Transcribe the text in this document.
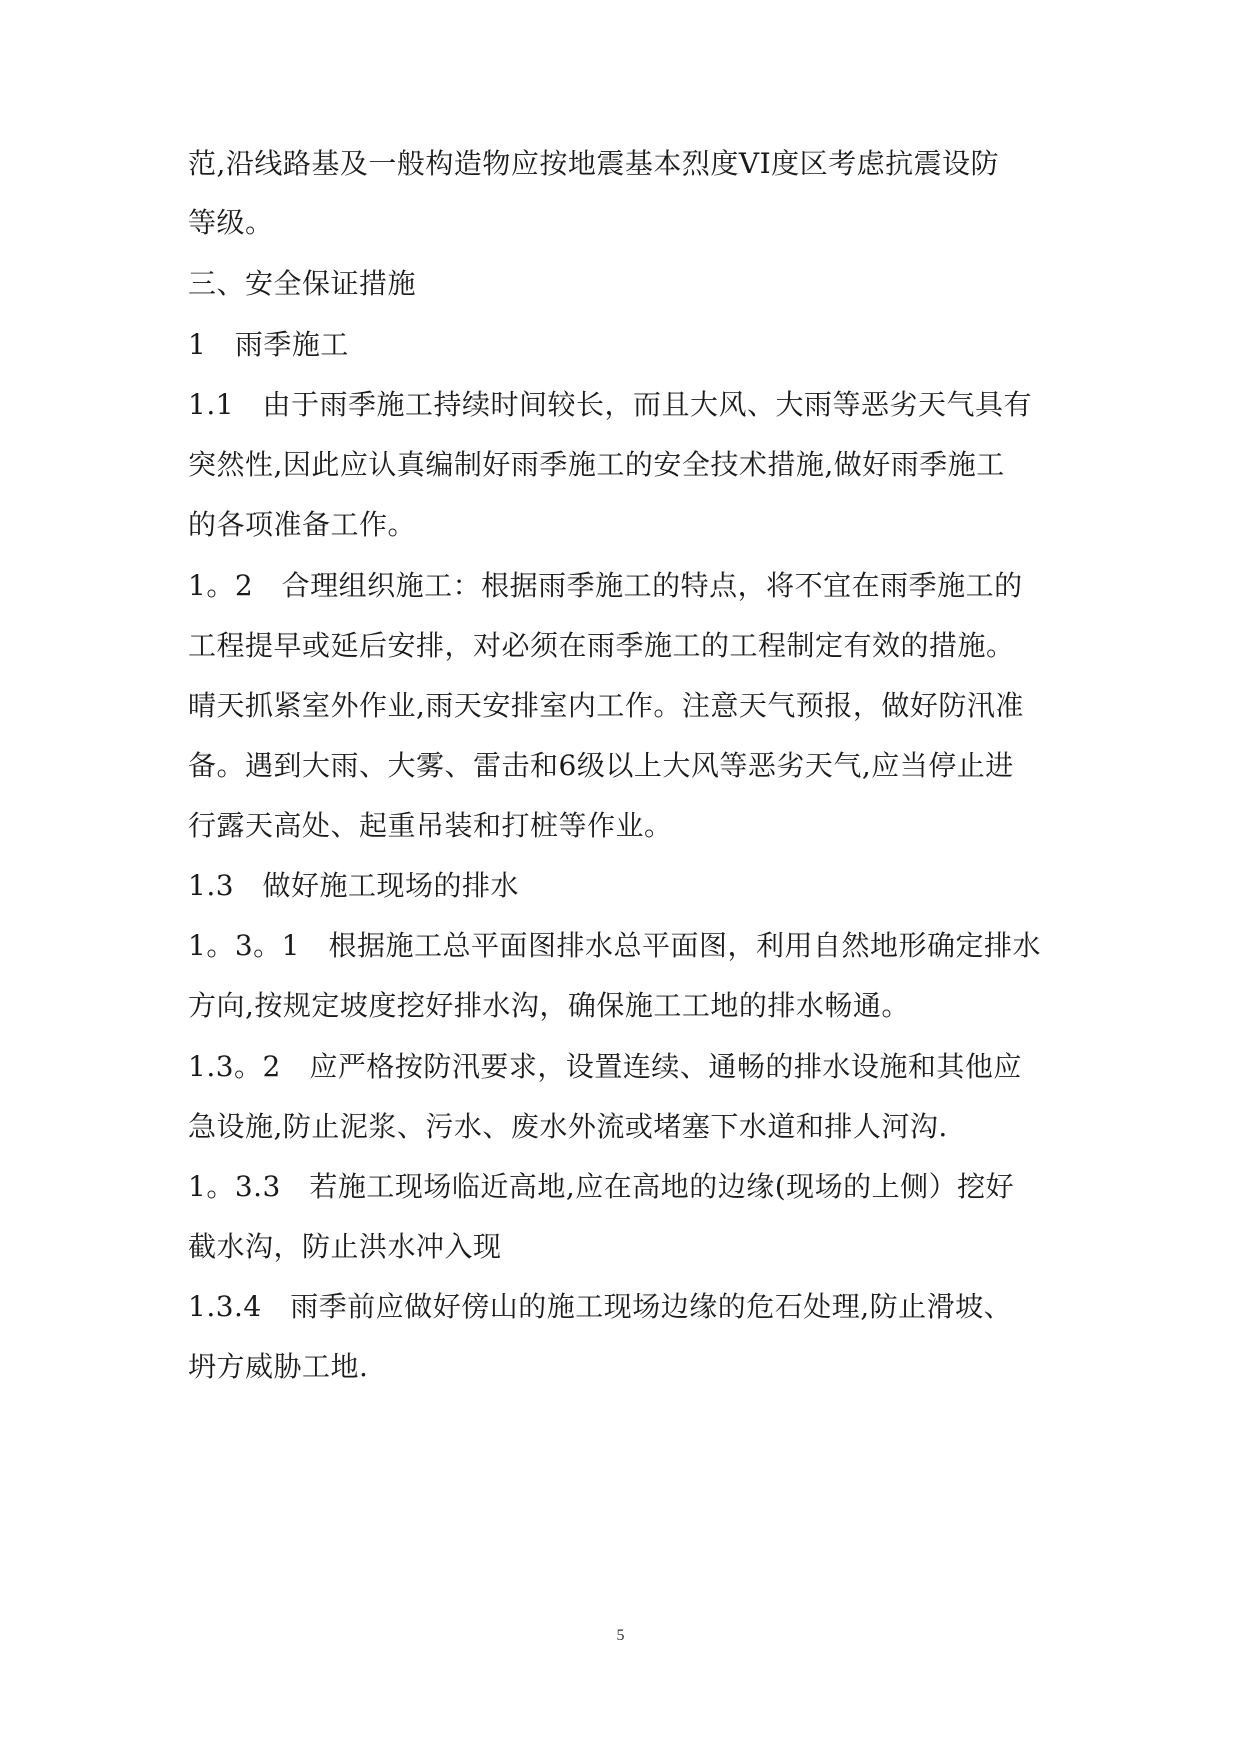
范,沿线路基及一般构造物应按地震基本烈度VI度区考虑抗震设防
等级。
三、安全保证措施
1　雨季施工
1.1　由于雨季施工持续时间较长，而且大风、大雨等恶劣天气具有
突然性,因此应认真编制好雨季施工的安全技术措施,做好雨季施工
的各项准备工作。
1。2　合理组织施工：根据雨季施工的特点，将不宜在雨季施工的
工程提早或延后安排，对必须在雨季施工的工程制定有效的措施。
晴天抓紧室外作业,雨天安排室内工作。注意天气预报，做好防汛准
备。遇到大雨、大雾、雷击和6级以上大风等恶劣天气,应当停止进
行露天高处、起重吊装和打桩等作业。
1.3　做好施工现场的排水
1。3。1　根据施工总平面图排水总平面图，利用自然地形确定排水
方向,按规定坡度挖好排水沟，确保施工工地的排水畅通。
1.3。2　应严格按防汛要求，设置连续、通畅的排水设施和其他应
急设施,防止泥浆、污水、废水外流或堵塞下水道和排人河沟.
1。3.3　若施工现场临近高地,应在高地的边缘(现场的上侧）挖好
截水沟，防止洪水冲入现
1.3.4　雨季前应做好傍山的施工现场边缘的危石处理,防止滑坡、
坍方威胁工地.
5
